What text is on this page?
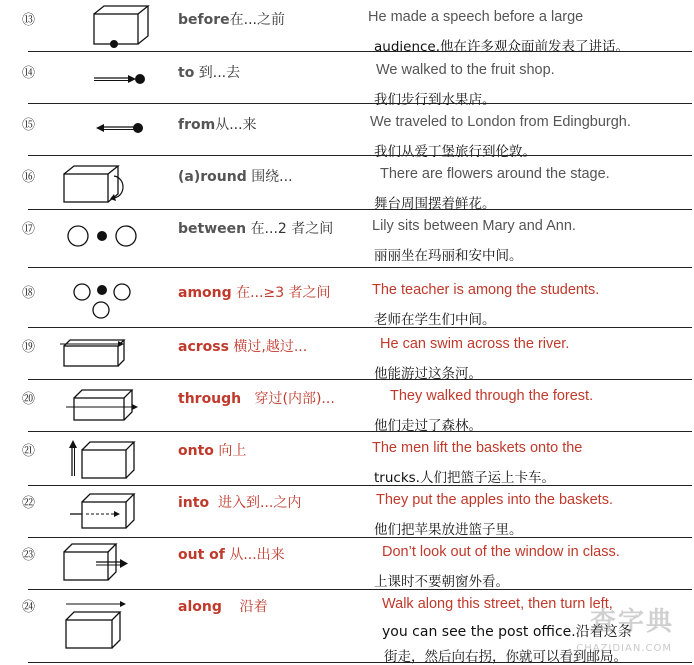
⑬	before在...之前	He made a speech before a large
audience.他在许多观众面前发表了讲话。
⑭	to 到...去	We walked to the fruit shop.
我们步行到水果店。
⑮	from从...来	We traveled to London from Edingburgh.
我们从爱丁堡旅行到伦敦。
⑯	(a)round 围绕...	There are flowers around the stage.
舞台周围摆着鲜花。
⑰	between 在...2 者之间	Lily sits between Mary and Ann.
丽丽坐在玛丽和安中间。
⑱	among 在...≥3 者之间	The teacher is among the students.
老师在学生们中间。
⑲	across 横过,越过...	He can swim across the river.
他能游过这条河。
⑳	through 穿过(内部)...	They walked through the forest.
他们走过了森林。
㉑	onto 向上	The men lift the baskets onto the
trucks.人们把篮子运上卡车。
㉒	into 进入到...之内	They put the apples into the baskets.
他们把苹果放进篮子里。
㉓	out of 从...出来	Don’t look out of the window in class.
上课时不要朝窗外看。
㉔	along 沿着	Walk along this street, then turn left,
you can see the post office.沿着这条
街走，然后向右拐，你就可以看到邮局。
查字典
CHAZIDIAN.COM
